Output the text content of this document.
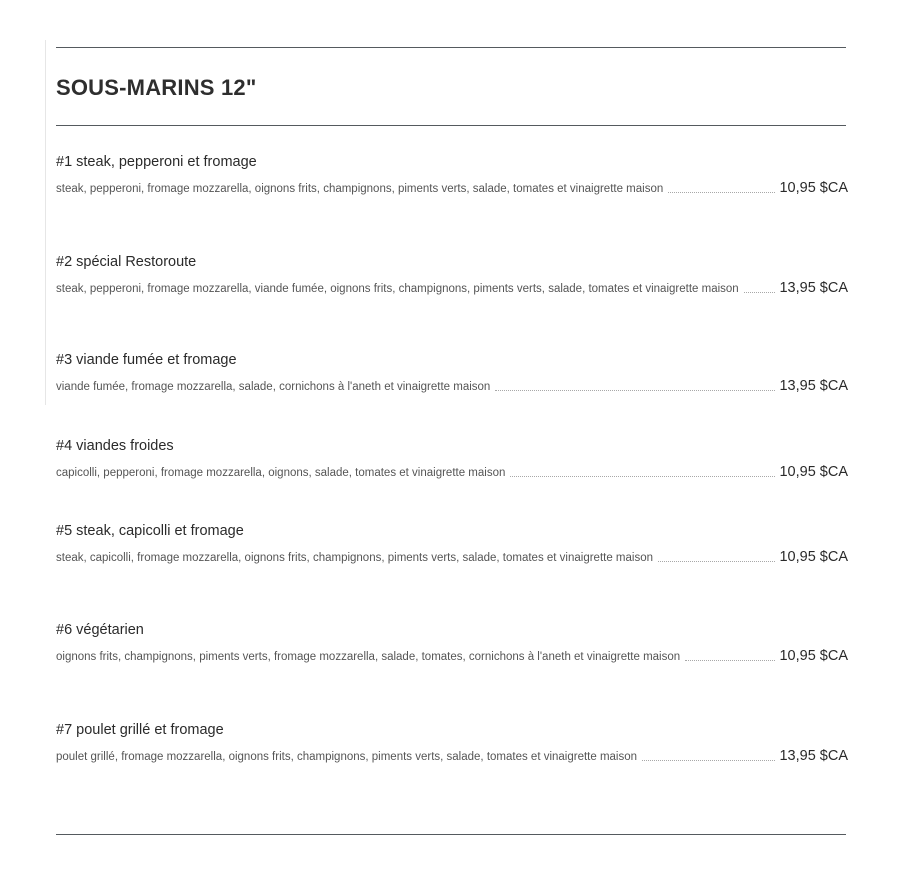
SOUS-MARINS 12"
#1 steak, pepperoni et fromage
steak, pepperoni, fromage mozzarella, oignons frits, champignons, piments verts, salade, tomates et vinaigrette maison	10,95 $CA
#2 spécial Restoroute
steak, pepperoni, fromage mozzarella, viande fumée, oignons frits, champignons, piments verts, salade, tomates et vinaigrette maison	13,95 $CA
#3 viande fumée et fromage
viande fumée, fromage mozzarella, salade, cornichons à l'aneth et vinaigrette maison	13,95 $CA
#4 viandes froides
capicolli, pepperoni, fromage mozzarella, oignons, salade, tomates et vinaigrette maison	10,95 $CA
#5 steak, capicolli et fromage
steak, capicolli, fromage mozzarella, oignons frits, champignons, piments verts, salade, tomates et vinaigrette maison	10,95 $CA
#6 végétarien
oignons frits, champignons, piments verts, fromage mozzarella, salade, tomates, cornichons à l'aneth et vinaigrette maison	10,95 $CA
#7 poulet grillé et fromage
poulet grillé, fromage mozzarella, oignons frits, champignons, piments verts, salade, tomates et vinaigrette maison	13,95 $CA
